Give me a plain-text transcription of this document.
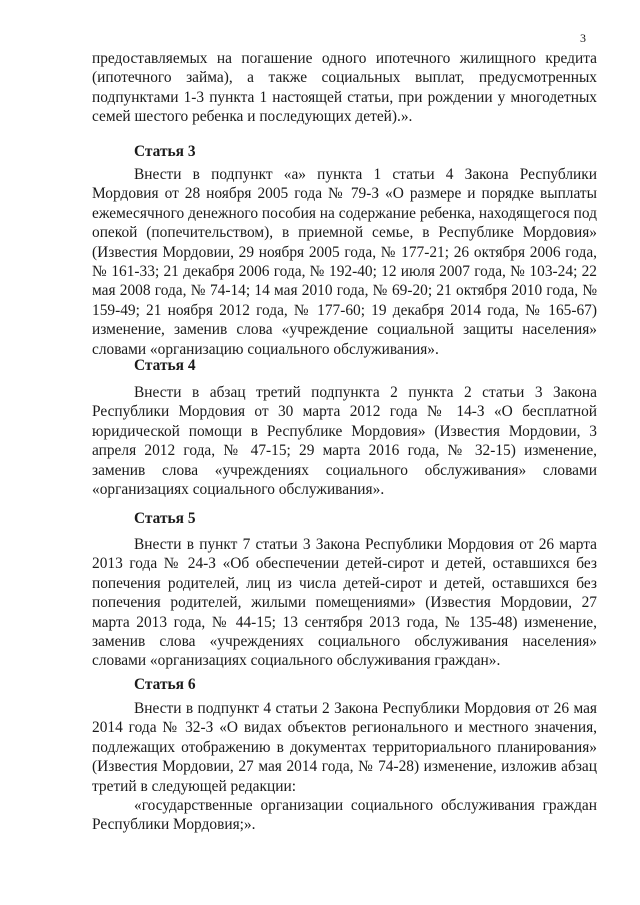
3

предоставляемых на погашение одного ипотечного жилищного кредита (ипотечного займа), а также социальных выплат, предусмотренных подпунктами 1-3 пункта 1 настоящей статьи, при рождении у многодетных семей шестого ребенка и последующих детей).».

Статья 3

Внести в подпункт «а» пункта 1 статьи 4 Закона Республики Мордовия от 28 ноября 2005 года № 79-З «О размере и порядке выплаты ежемесячного денежного пособия на содержание ребенка, находящегося под опекой (попечительством), в приемной семье, в Республике Мордовия» (Известия Мордовии, 29 ноября 2005 года, № 177-21; 26 октября 2006 года, № 161-33; 21 декабря 2006 года, № 192-40; 12 июля 2007 года, № 103-24; 22 мая 2008 года, № 74-14; 14 мая 2010 года, № 69-20; 21 октября 2010 года, № 159-49; 21 ноября 2012 года, № 177-60; 19 декабря 2014 года, № 165-67) изменение, заменив слова «учреждение социальной защиты населения» словами «организацию социального обслуживания».

Статья 4

Внести в абзац третий подпункта 2 пункта 2 статьи 3 Закона Республики Мордовия от 30 марта 2012 года № 14-З «О бесплатной юридической помощи в Республике Мордовия» (Известия Мордовии, 3 апреля 2012 года, № 47-15; 29 марта 2016 года, № 32-15) изменение, заменив слова «учреждениях социального обслуживания» словами «организациях социального обслуживания».

Статья 5

Внести в пункт 7 статьи 3 Закона Республики Мордовия от 26 марта 2013 года № 24-З «Об обеспечении детей-сирот и детей, оставшихся без попечения родителей, лиц из числа детей-сирот и детей, оставшихся без попечения родителей, жилыми помещениями» (Известия Мордовии, 27 марта 2013 года, № 44-15; 13 сентября 2013 года, № 135-48) изменение, заменив слова «учреждениях социального обслуживания населения» словами «организациях социального обслуживания граждан».

Статья 6

Внести в подпункт 4 статьи 2 Закона Республики Мордовия от 26 мая 2014 года № 32-З «О видах объектов регионального и местного значения, подлежащих отображению в документах территориального планирования» (Известия Мордовии, 27 мая 2014 года, № 74-28) изменение, изложив абзац третий в следующей редакции:

«государственные организации социального обслуживания граждан Республики Мордовия;».
